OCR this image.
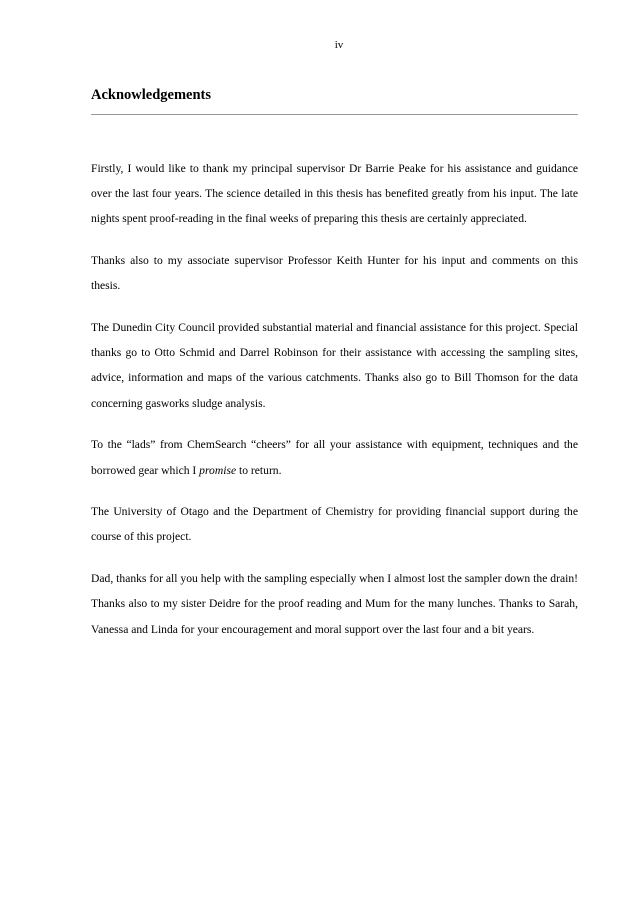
iv
Acknowledgements

Firstly, I would like to thank my principal supervisor Dr Barrie Peake for his assistance and guidance over the last four years. The science detailed in this thesis has benefited greatly from his input. The late nights spent proof-reading in the final weeks of preparing this thesis are certainly appreciated.

Thanks also to my associate supervisor Professor Keith Hunter for his input and comments on this thesis.

The Dunedin City Council provided substantial material and financial assistance for this project. Special thanks go to Otto Schmid and Darrel Robinson for their assistance with accessing the sampling sites, advice, information and maps of the various catchments. Thanks also go to Bill Thomson for the data concerning gasworks sludge analysis.

To the “lads” from ChemSearch “cheers” for all your assistance with equipment, techniques and the borrowed gear which I promise to return.

The University of Otago and the Department of Chemistry for providing financial support during the course of this project.

Dad, thanks for all you help with the sampling especially when I almost lost the sampler down the drain! Thanks also to my sister Deidre for the proof reading and Mum for the many lunches. Thanks to Sarah, Vanessa and Linda for your encouragement and moral support over the last four and a bit years.
